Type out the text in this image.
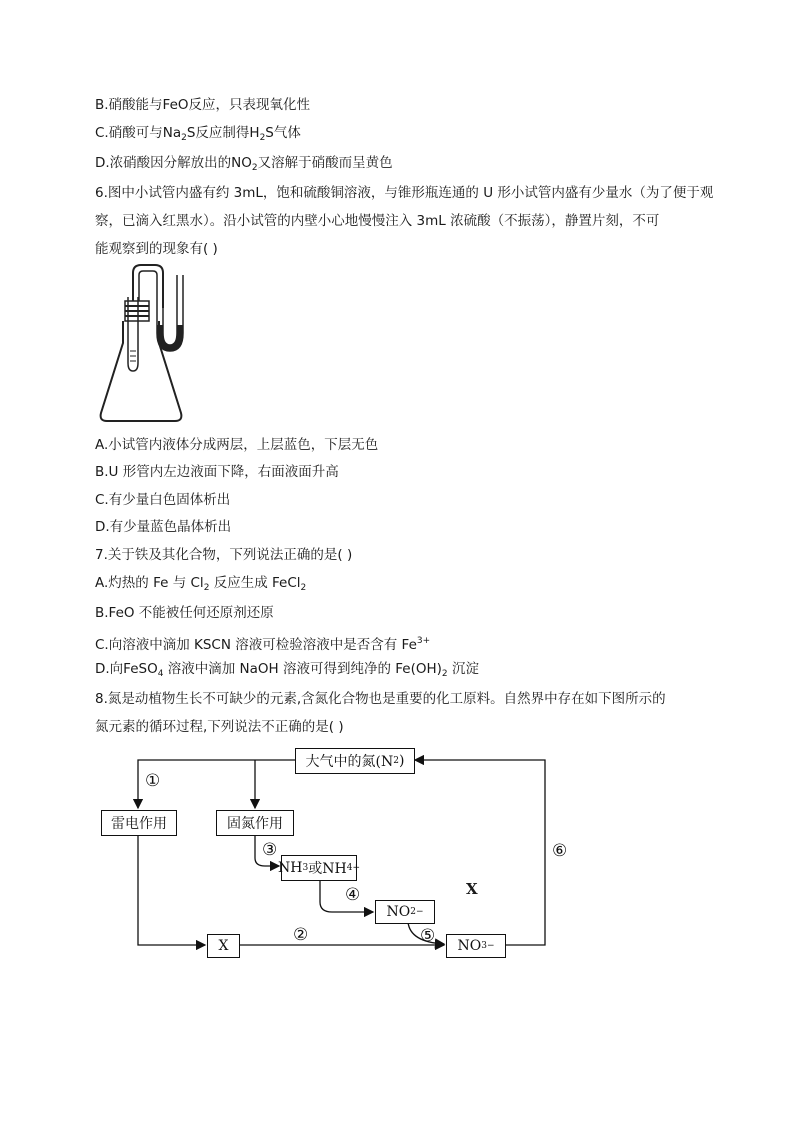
B.硝酸能与FeO反应，只表现氧化性
C.硝酸可与$Na_2S$反应制得$H_2S$气体
D.浓硝酸因分解放出的$NO_2$又溶解于硝酸而呈黄色
6.图中小试管内盛有约 3mL，饱和硫酸铜溶液，与锥形瓶连通的 U 形小试管内盛有少量水（为了便于观
察，已滴入红黑水）。沿小试管的内壁小心地慢慢注入 3mL 浓硫酸（不振荡），静置片刻，不可
能观察到的现象有( )
A.小试管内液体分成两层，上层蓝色，下层无色
B.U 形管内左边液面下降，右面液面升高
C.有少量白色固体析出
D.有少量蓝色晶体析出
7.关于铁及其化合物，下列说法正确的是( )
A.灼热的 Fe 与 $Cl_2$ 反应生成 FeCl$_2$
B.FeO 不能被任何还原剂还原
C.向溶液中滴加 KSCN 溶液可检验溶液中是否含有 $Fe^{3+}$
D.向FeSO$_4$ 溶液中滴加 NaOH 溶液可得到纯净的 $Fe(OH)_2$ 沉淀
8.氮是动植物生长不可缺少的元素,含氮化合物也是重要的化工原料。自然界中存在如下图所示的
氮元素的循环过程,下列说法不正确的是( )
大气中的氮(N 2 )
雷电作用	固氮作用
NH 3 或NH 4 +
NO 2 −
X	NO 3 −
X
①
②
③
④
⑤
⑥
